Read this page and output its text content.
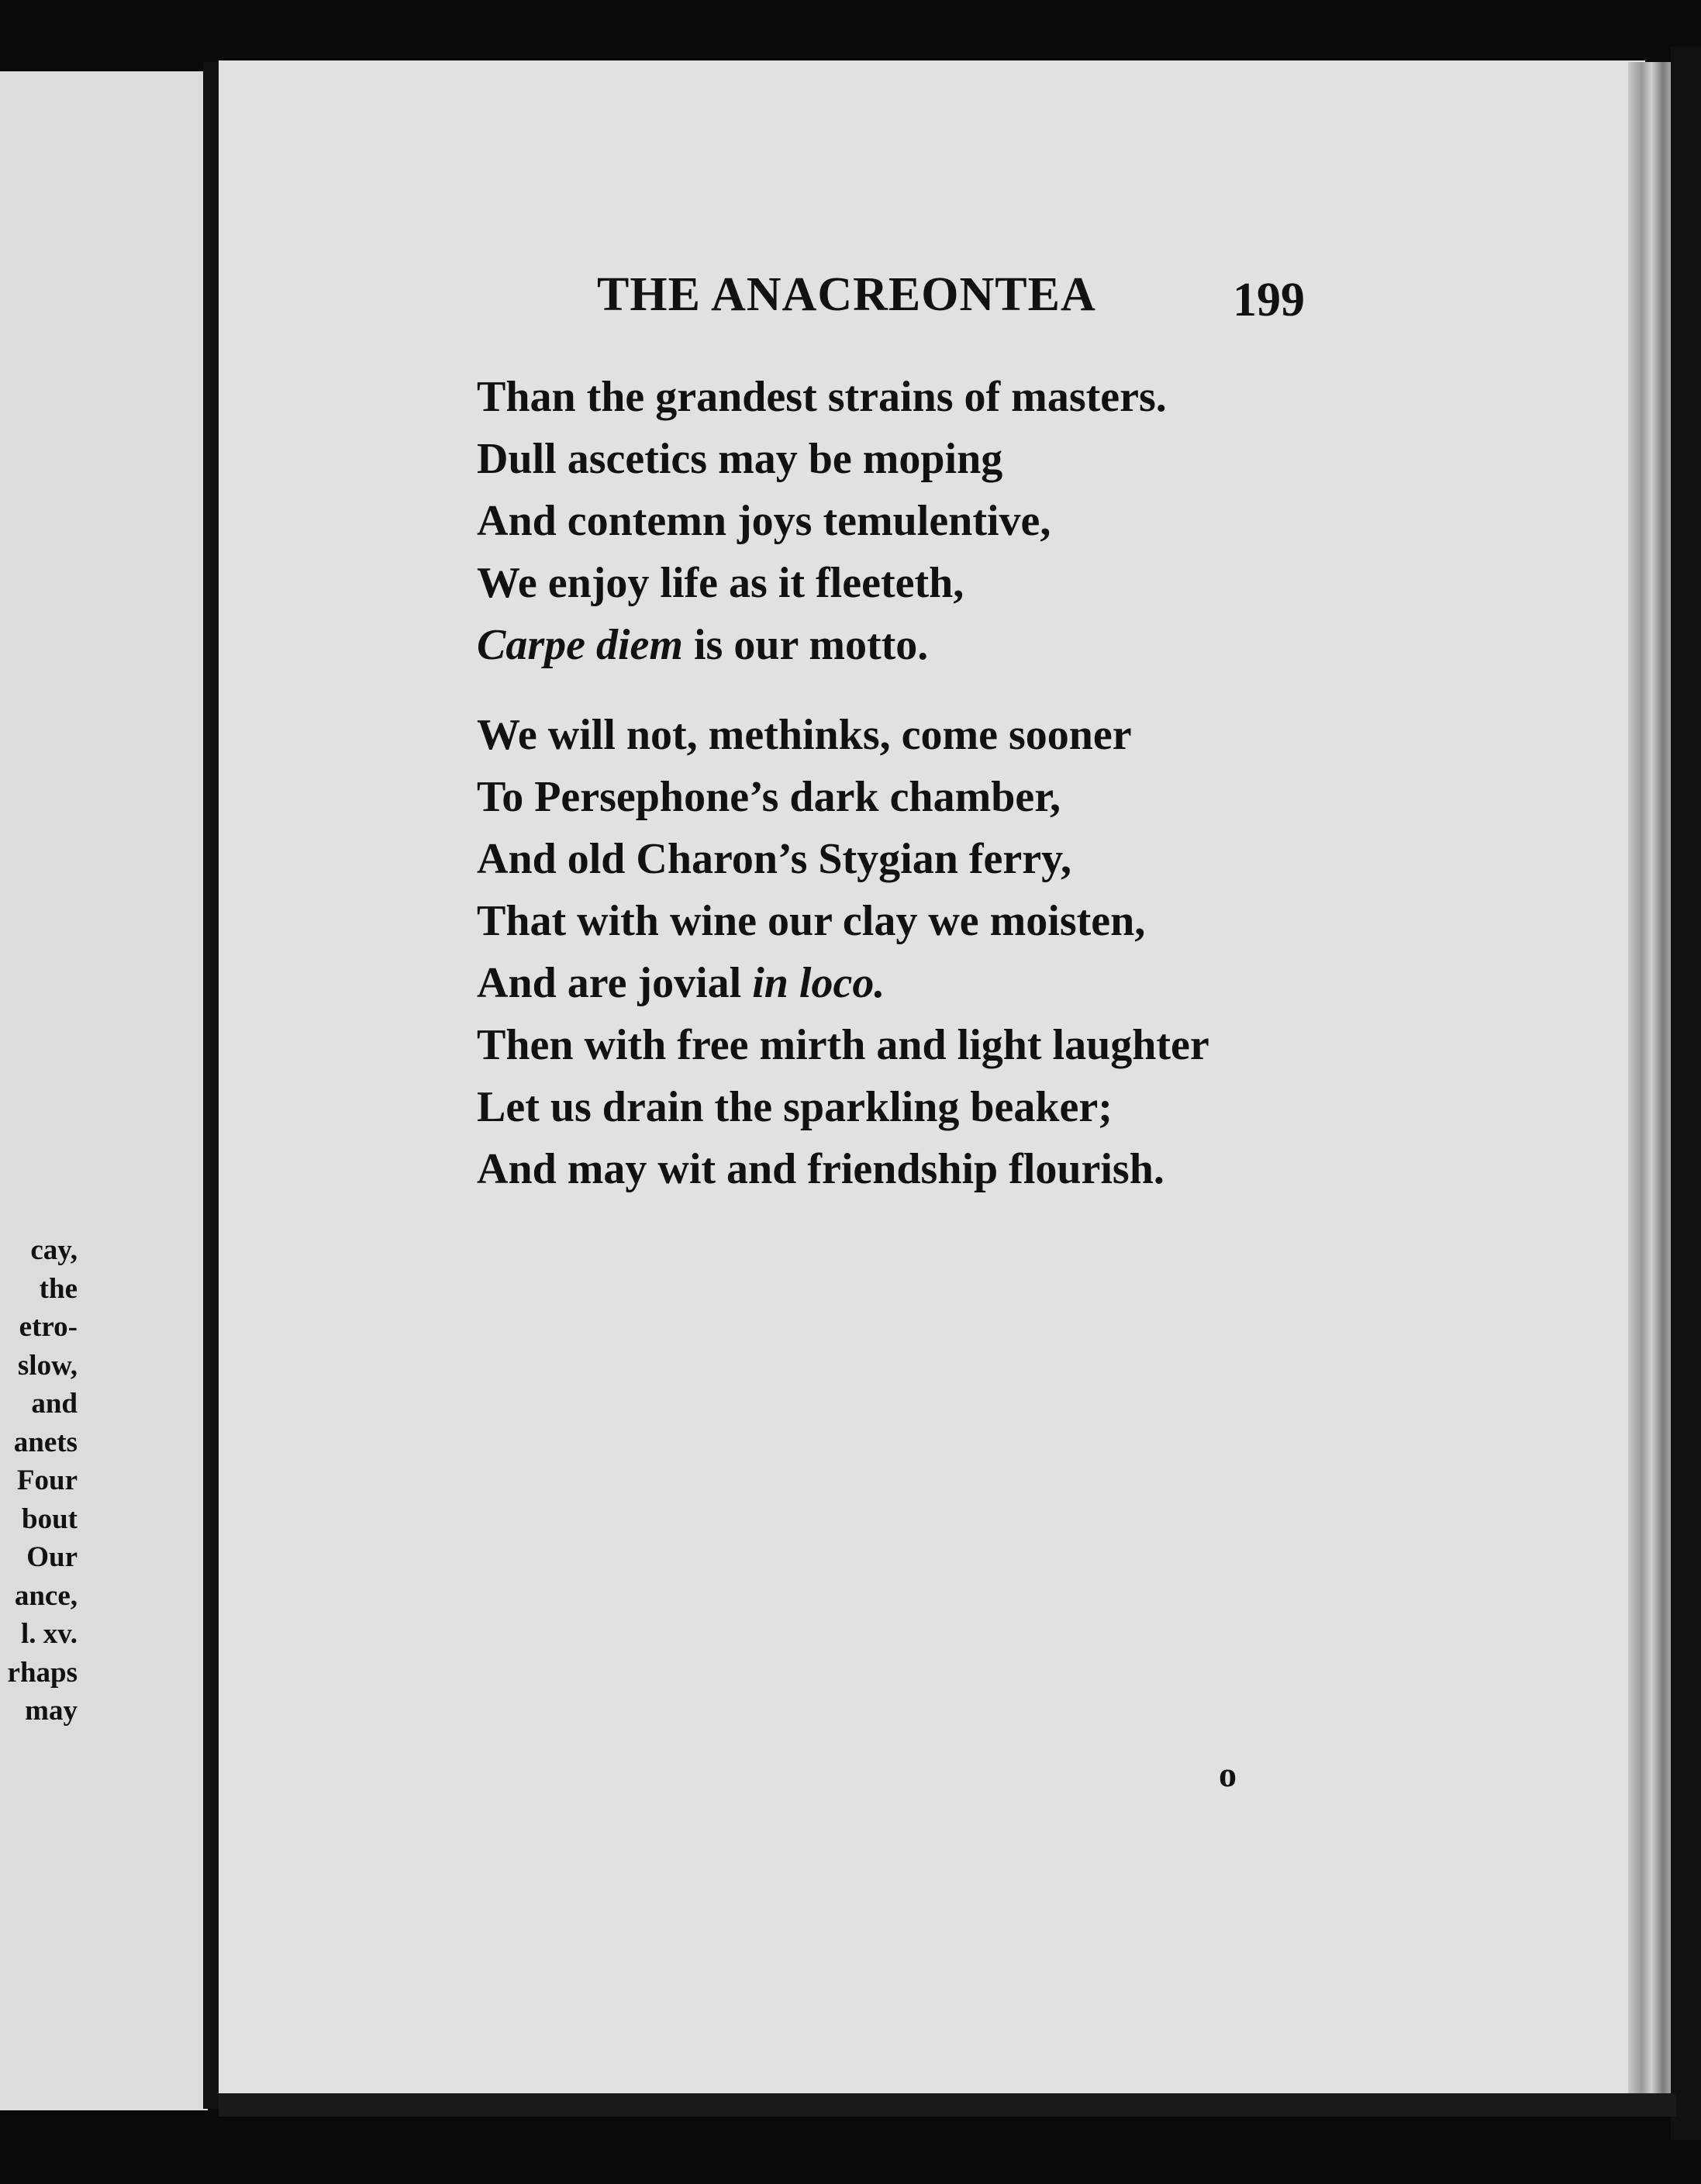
THE ANACREONTEA	199

Than the grandest strains of masters.
Dull ascetics may be moping
And contemn joys temulentive,
We enjoy life as it fleeteth,
Carpe diem is our motto.
We will not, methinks, come sooner
To Persephone’s dark chamber,
And old Charon’s Stygian ferry,
That with wine our clay we moisten,
And are jovial in loco.
Then with free mirth and light laughter
Let us drain the sparkling beaker;
And may wit and friendship flourish.

o

cay,
the
etro-
slow,
and
anets
Four
bout
Our
ance,
l. xv.
rhaps
may
